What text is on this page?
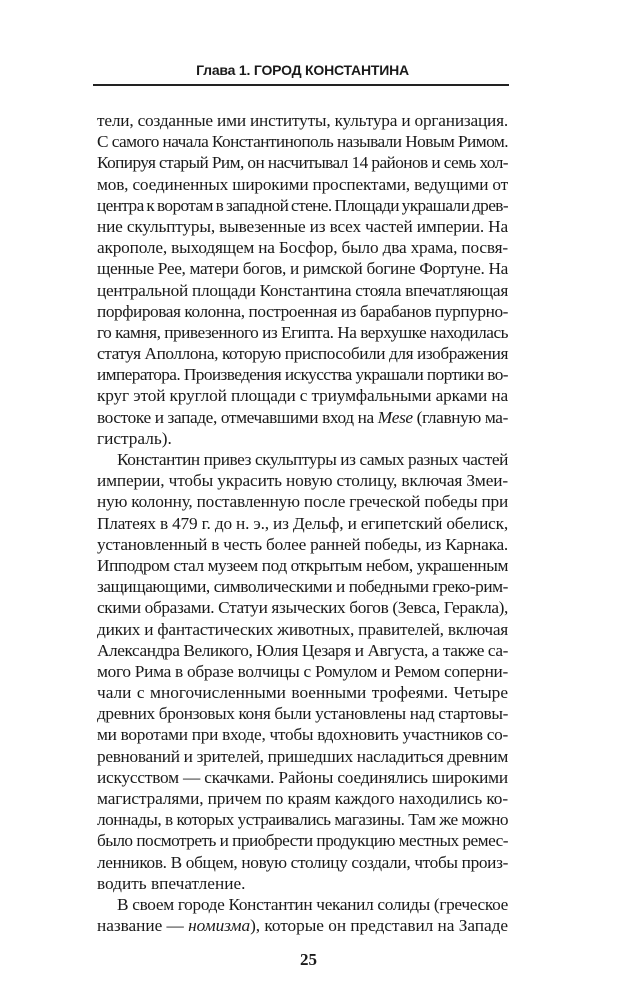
Глава 1. ГОРОД КОНСТАНТИНА
тели, созданные ими институты, культура и организация.
С самого начала Константинополь называли Новым Римом.
Копируя старый Рим, он насчитывал 14 районов и семь хол-
мов, соединенных широкими проспектами, ведущими от
центра к воротам в западной стене. Площади украшали древ-
ние скульптуры, вывезенные из всех частей империи. На
акрополе, выходящем на Босфор, было два храма, посвя-
щенные Рее, матери богов, и римской богине Фортуне. На
центральной площади Константина стояла впечатляющая
порфировая колонна, построенная из барабанов пурпурно-
го камня, привезенного из Египта. На верхушке находилась
статуя Аполлона, которую приспособили для изображения
императора. Произведения искусства украшали портики во-
круг этой круглой площади с триумфальными арками на
востоке и западе, отмечавшими вход на Mese (главную ма-
гистраль).
Константин привез скульптуры из самых разных частей
империи, чтобы украсить новую столицу, включая Змеи-
ную колонну, поставленную после греческой победы при
Платеях в 479 г. до н. э., из Дельф, и египетский обелиск,
установленный в честь более ранней победы, из Карнака.
Ипподром стал музеем под открытым небом, украшенным
защищающими, символическими и победными греко-рим-
скими образами. Статуи языческих богов (Зевса, Геракла),
диких и фантастических животных, правителей, включая
Александра Великого, Юлия Цезаря и Августа, а также са-
мого Рима в образе волчицы с Ромулом и Ремом соперни-
чали с многочисленными военными трофеями. Четыре
древних бронзовых коня были установлены над стартовы-
ми воротами при входе, чтобы вдохновить участников со-
ревнований и зрителей, пришедших насладиться древним
искусством — скачками. Районы соединялись широкими
магистралями, причем по краям каждого находились ко-
лоннады, в которых устраивались магазины. Там же можно
было посмотреть и приобрести продукцию местных ремес-
ленников. В общем, новую столицу создали, чтобы произ-
водить впечатление.
В своем городе Константин чеканил солиды (греческое
название — номизма), которые он представил на Западе
25
